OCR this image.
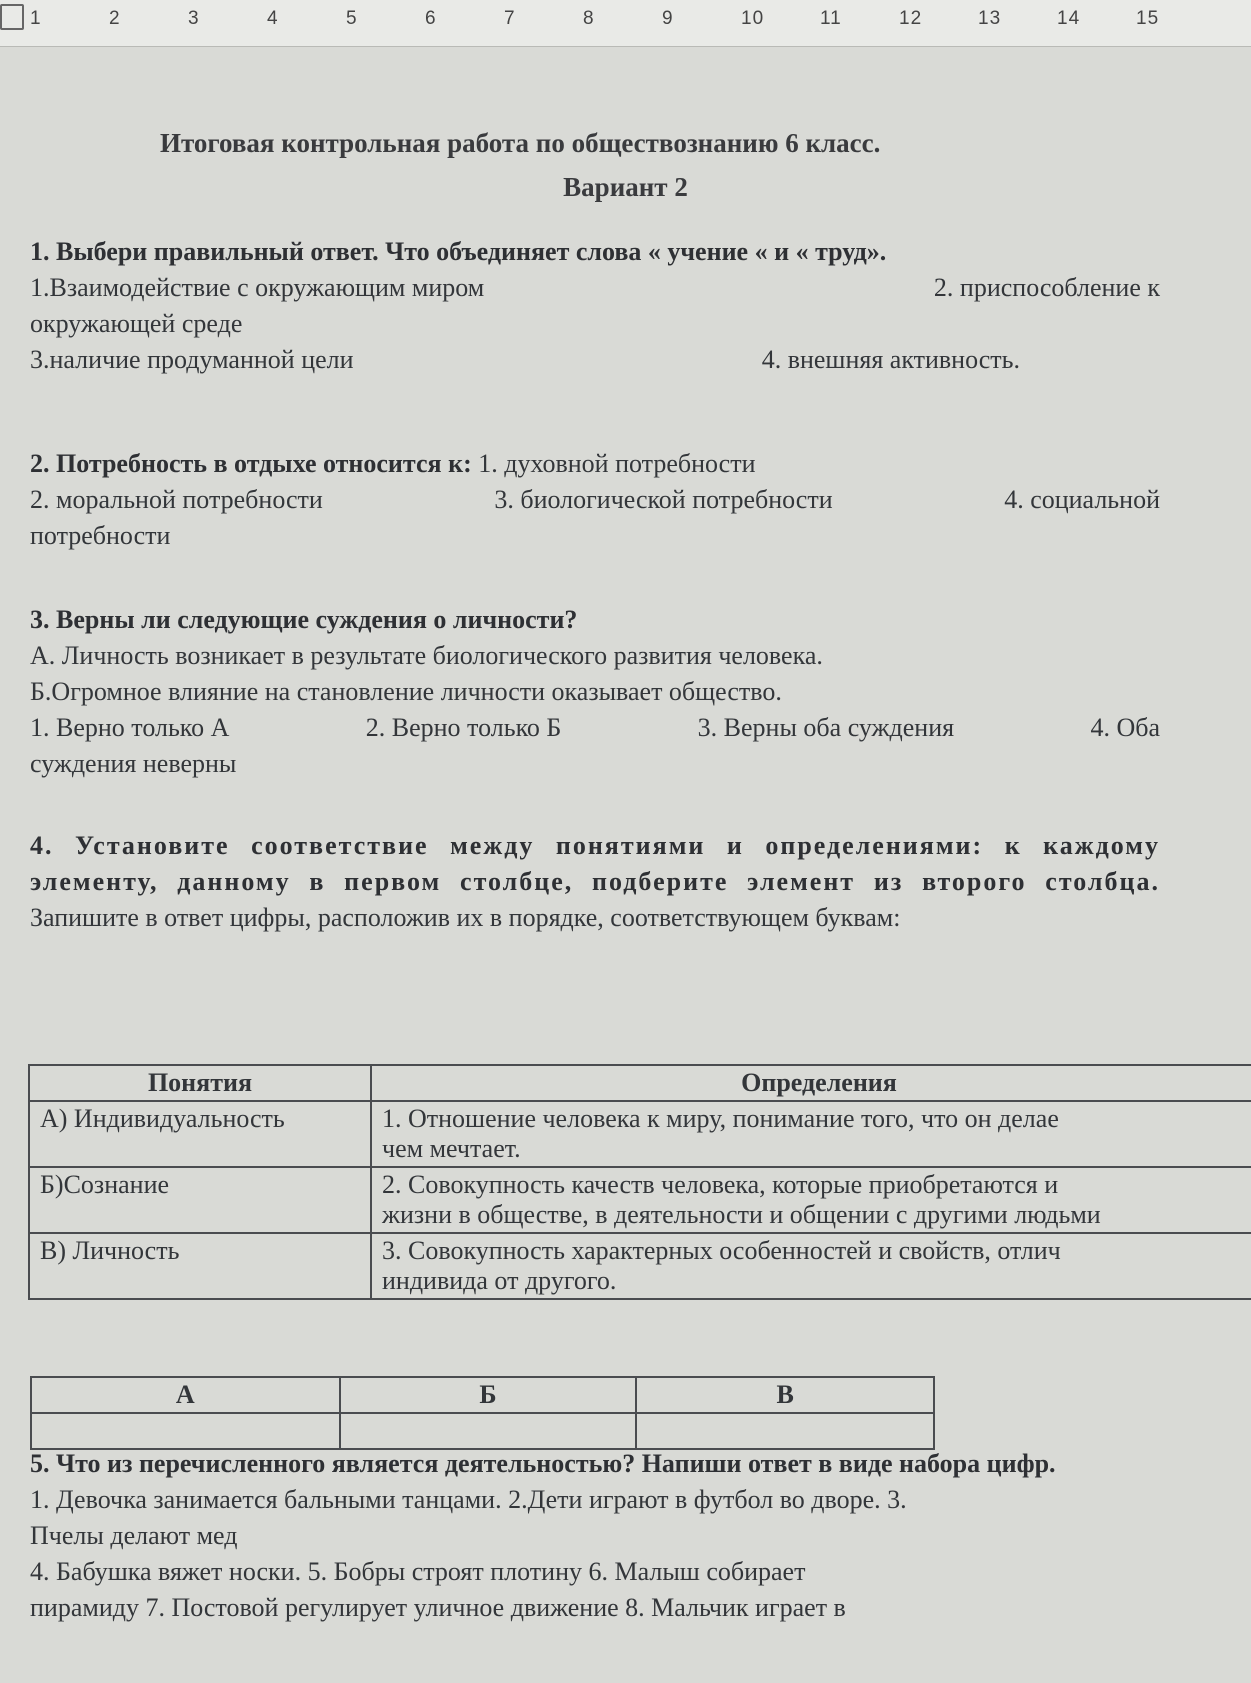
1	2	3	4	5	6	7	8	9	10	11	12	13	14	15
Итоговая контрольная работа по обществознанию 6 класс.
Вариант 2
1. Выбери правильный ответ. Что объединяет слова « учение « и « труд».
1.Взаимодействие с окружающим миром	2. приспособление к
окружающей среде
3.наличие продуманной цели	4. внешняя активность.
2. Потребность в отдыхе относится к: 1. духовной потребности
2. моральной потребности	3. биологической потребности	4. социальной
потребности
3. Верны ли следующие суждения о личности?
А. Личность возникает в результате биологического развития человека.
Б.Огромное влияние на становление личности оказывает общество.
1. Верно только А	2. Верно только Б	3. Верны оба суждения	4. Оба
суждения неверны
4. Установите соответствие между понятиями и определениями: к каждому элементу, данному в первом столбце, подберите элемент из второго столбца. Запишите в ответ цифры, расположив их в порядке, соответствующем буквам:
Понятия	Определения
А) Индивидуальность	1. Отношение человека к миру, понимание того, что он делае
чем мечтает.

Б)Сознание	2. Совокупность качеств человека, которые приобретаются и
жизни в обществе, в деятельности и общении с другими людьми

В) Личность	3. Совокупность характерных особенностей и свойств, отлич
индивида от другого.
А	Б	В

5. Что из перечисленного является деятельностью? Напиши ответ в виде набора цифр.
1. Девочка занимается бальными танцами. 2.Дети играют в футбол во дворе. 3.
Пчелы делают мед
4. Бабушка вяжет носки. 5. Бобры строят плотину 6. Малыш собирает
пирамиду 7. Постовой регулирует уличное движение 8. Мальчик играет в
